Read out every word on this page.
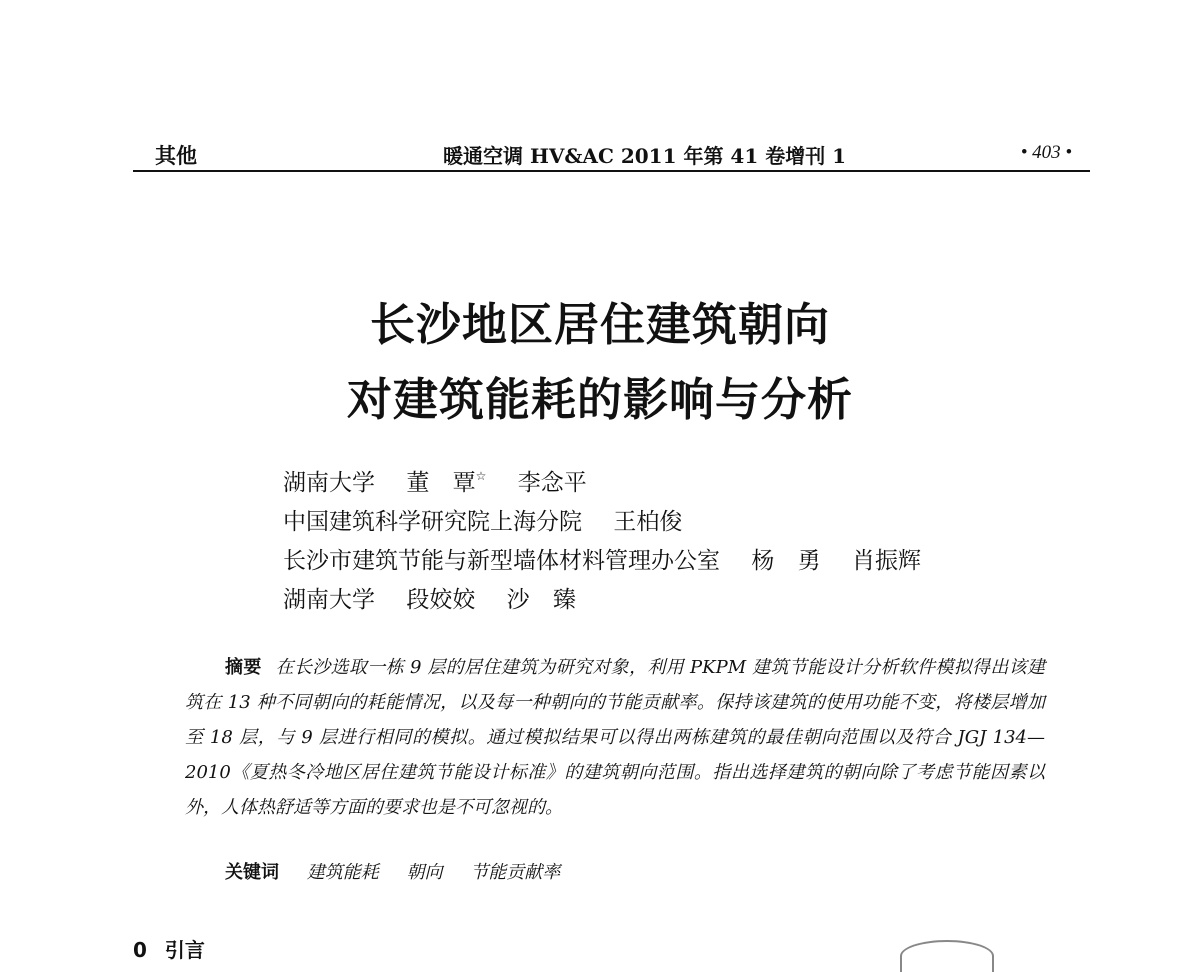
其他	暖通空调 HV&AC 2011 年第 41 卷增刊 1	• 403 •
长沙地区居住建筑朝向
对建筑能耗的影响与分析
湖南大学 董 覃☆ 李念平
中国建筑科学研究院上海分院 王柏俊
长沙市建筑节能与新型墙体材料管理办公室 杨 勇 肖振辉
湖南大学 段姣姣 沙 臻
摘要 在长沙选取一栋 9 层的居住建筑为研究对象，利用 PKPM 建筑节能设计分析软件模拟得出该建筑在 13 种不同朝向的耗能情况，以及每一种朝向的节能贡献率。保持该建筑的使用功能不变，将楼层增加至 18 层，与 9 层进行相同的模拟。通过模拟结果可以得出两栋建筑的最佳朝向范围以及符合 JGJ 134—2010《夏热冬冷地区居住建筑节能设计标准》的建筑朝向范围。指出选择建筑的朝向除了考虑节能因素以外，人体热舒适等方面的要求也是不可忽视的。
关键词 建筑能耗 朝向 节能贡献率
0 引言
